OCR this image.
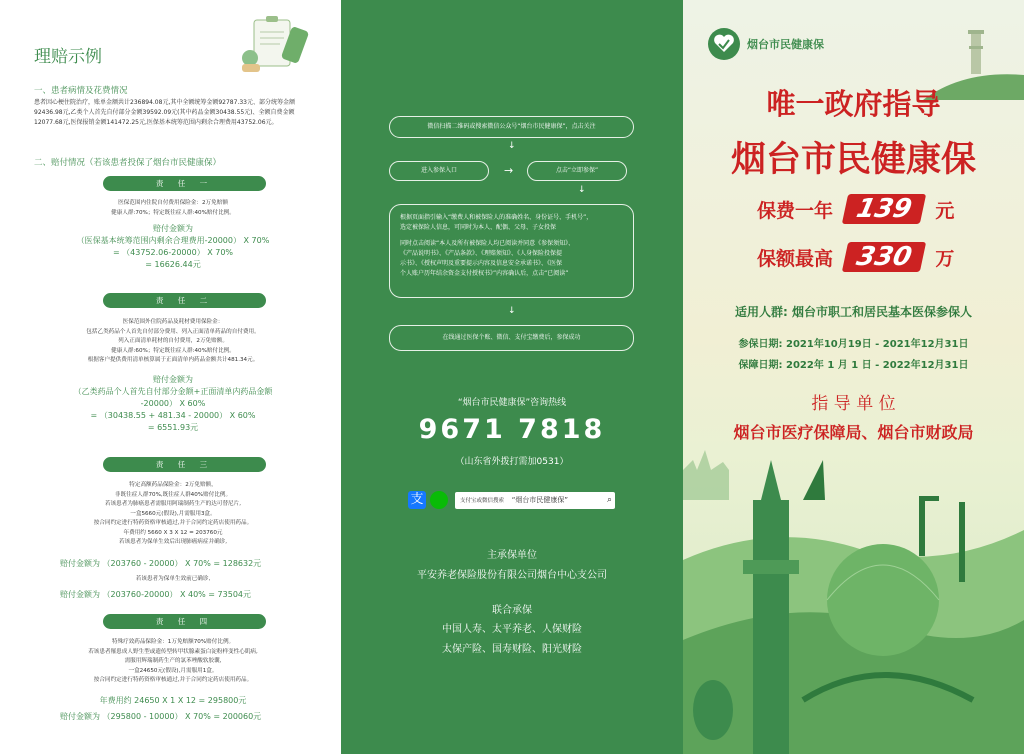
理赔示例
一、患者病情及花费情况
患者因心梗住院治疗，账单金额共计236894.08元,其中全额统筹金额92787.33元、部分统筹金额92436.98元,乙类个人首先自付部分金额39592.09元(其中药品金额30438.55元)、全额自费金额12077.68元,医保报销金额141472.25元,医保基本统筹范围内剩余合理费用43752.06元。
二、赔付情况（若该患者投保了烟台市民健康保）
责 任 一
医保范围内住院自付费用保险金：2万免赔额
健康人群:70%；特定既往症人群:40%赔付比例。
赔付金额为
（医保基本统筹范围内剩余合理费用-20000） X 70%
= （43752.06-20000） X 70%
= 16626.44元
责 任 二
医保范围外住院药品及耗材费用保险金：
包括乙类药品个人首先自付部分费用、列入正面清单药品的自付费用。
列入正面清单耗材的自付费用，2万免赔额。
健康人群:60%；特定既往症人群:40%赔付比例。
根据客户提供费用清单核算属于正面清单内药品金额共计481.34元。
赔付金额为
（乙类药品个人首先自付部分金额+正面清单内药品金额
-20000） X 60%
= （30438.55 + 481.34 - 20000） X 60%
= 6551.93元
责 任 三
特定高额药品保险金：2万免赔额，
非既往症人群70%,既往症人群40%赔付比例。
若该患者为肺癌患者需服用阿瑞制药生产的达可替尼片,
一盒5660元(假设),月需服用3盒。
按合同约定进行特药资格审核通过,并于合同约定药店使用药品。
年费用约 5660 X 3 X 12 = 203760元
若该患者为保单生效后出现肺癌病症并确诊,
赔付金额为 （203760 - 20000） X 70% = 128632元
若该患者为保单生效前已确诊,
赔付金额为 （203760-20000） X 40% = 73504元
责 任 四
特殊疗效药品保险金：1万免赔额70%赔付比例。
若该患者罹患成人野生型或遗传型转甲状腺素蛋白淀粉样变性心肌病,
需服用辉瑞制药生产的氯苯唑酸软胶囊,
一盒24650元(假设),月需服用1盒。
按合同约定进行特药资格审核通过,并于合同约定药店使用药品。
年费用约 24650 X 1 X 12 = 295800元
赔付金额为 （295800 - 10000） X 70% = 200060元
微信扫描二维码或搜索微信公众号“烟台市民健康保”，点击关注
↓
进入参保入口	→	点击“立即参保”
↓
根据页面指引输入“缴费人和被保险人的准确姓名、身份证号、手机号”，
选定被保险人信息，可同时为本人、配偶、父母、子女投保
同时点击阅读“本人及所有被保险人均已阅读并同意《参保须知》、
《产品说明书》、《产品条款》、《理赔须知》、《人身保险投保提
示书》、《授权声明及重要提示内容及信息安全承诺书》、《医保
个人账户历年结余资金支付授权书》”内容确认后，点击“已阅读”
↓
在线通过医保个账、微信、支付宝缴费后，参保成功
“烟台市民健康保”咨询热线
9671 7818
（山东省外拨打需加0531）
支	支付宝或微信搜索 “烟台市民健康保”	⌕
主承保单位
平安养老保险股份有限公司烟台中心支公司
联合承保
中国人寿、太平养老、人保财险
太保产险、国寿财险、阳光财险
烟台市民健康保
唯一政府指导
烟台市民健康保
保费一年 139 元
保额最高 330 万
适用人群: 烟台市职工和居民基本医保参保人
参保日期: 2021年10月19日 - 2021年12月31日
保障日期: 2022年 1 月 1 日 - 2022年12月31日
指 导 单 位
烟台市医疗保障局、烟台市财政局
